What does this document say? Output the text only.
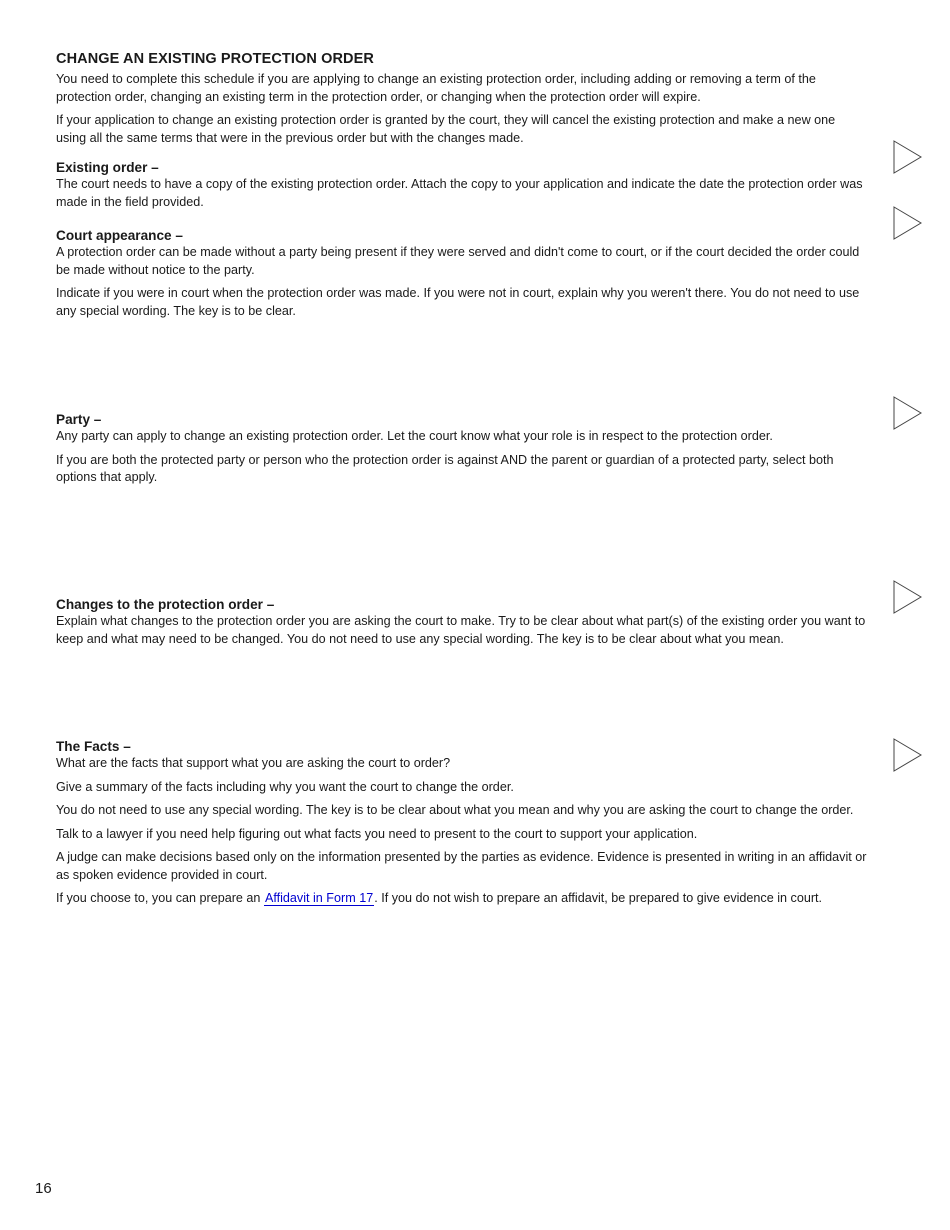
CHANGE AN EXISTING PROTECTION ORDER

You need to complete this schedule if you are applying to change an existing protection order, including adding or removing a term of the protection order, changing an existing term in the protection order, or changing when the protection order will expire.

If your application to change an existing protection order is granted by the court, they will cancel the existing protection and make a new one using all the same terms that were in the previous order but with the changes made.

Existing order –

The court needs to have a copy of the existing protection order. Attach the copy to your application and indicate the date the protection order was made in the field provided.

Court appearance –

A protection order can be made without a party being present if they were served and didn't come to court, or if the court decided the order could be made without notice to the party.

Indicate if you were in court when the protection order was made. If you were not in court, explain why you weren't there. You do not need to use any special wording. The key is to be clear.

Party –

Any party can apply to change an existing protection order. Let the court know what your role is in respect to the protection order.

If you are both the protected party or person who the protection order is against AND the parent or guardian of a protected party, select both options that apply.

Changes to the protection order –

Explain what changes to the protection order you are asking the court to make. Try to be clear about what part(s) of the existing order you want to keep and what may need to be changed. You do not need to use any special wording. The key is to be clear about what you mean.

The Facts –

What are the facts that support what you are asking the court to order?

Give a summary of the facts including why you want the court to change the order.

You do not need to use any special wording. The key is to be clear about what you mean and why you are asking the court to change the order.

Talk to a lawyer if you need help figuring out what facts you need to present to the court to support your application.

A judge can make decisions based only on the information presented by the parties as evidence. Evidence is presented in writing in an affidavit or as spoken evidence provided in court.

If you choose to, you can prepare an Affidavit in Form 17. If you do not wish to prepare an affidavit, be prepared to give evidence in court.

16
